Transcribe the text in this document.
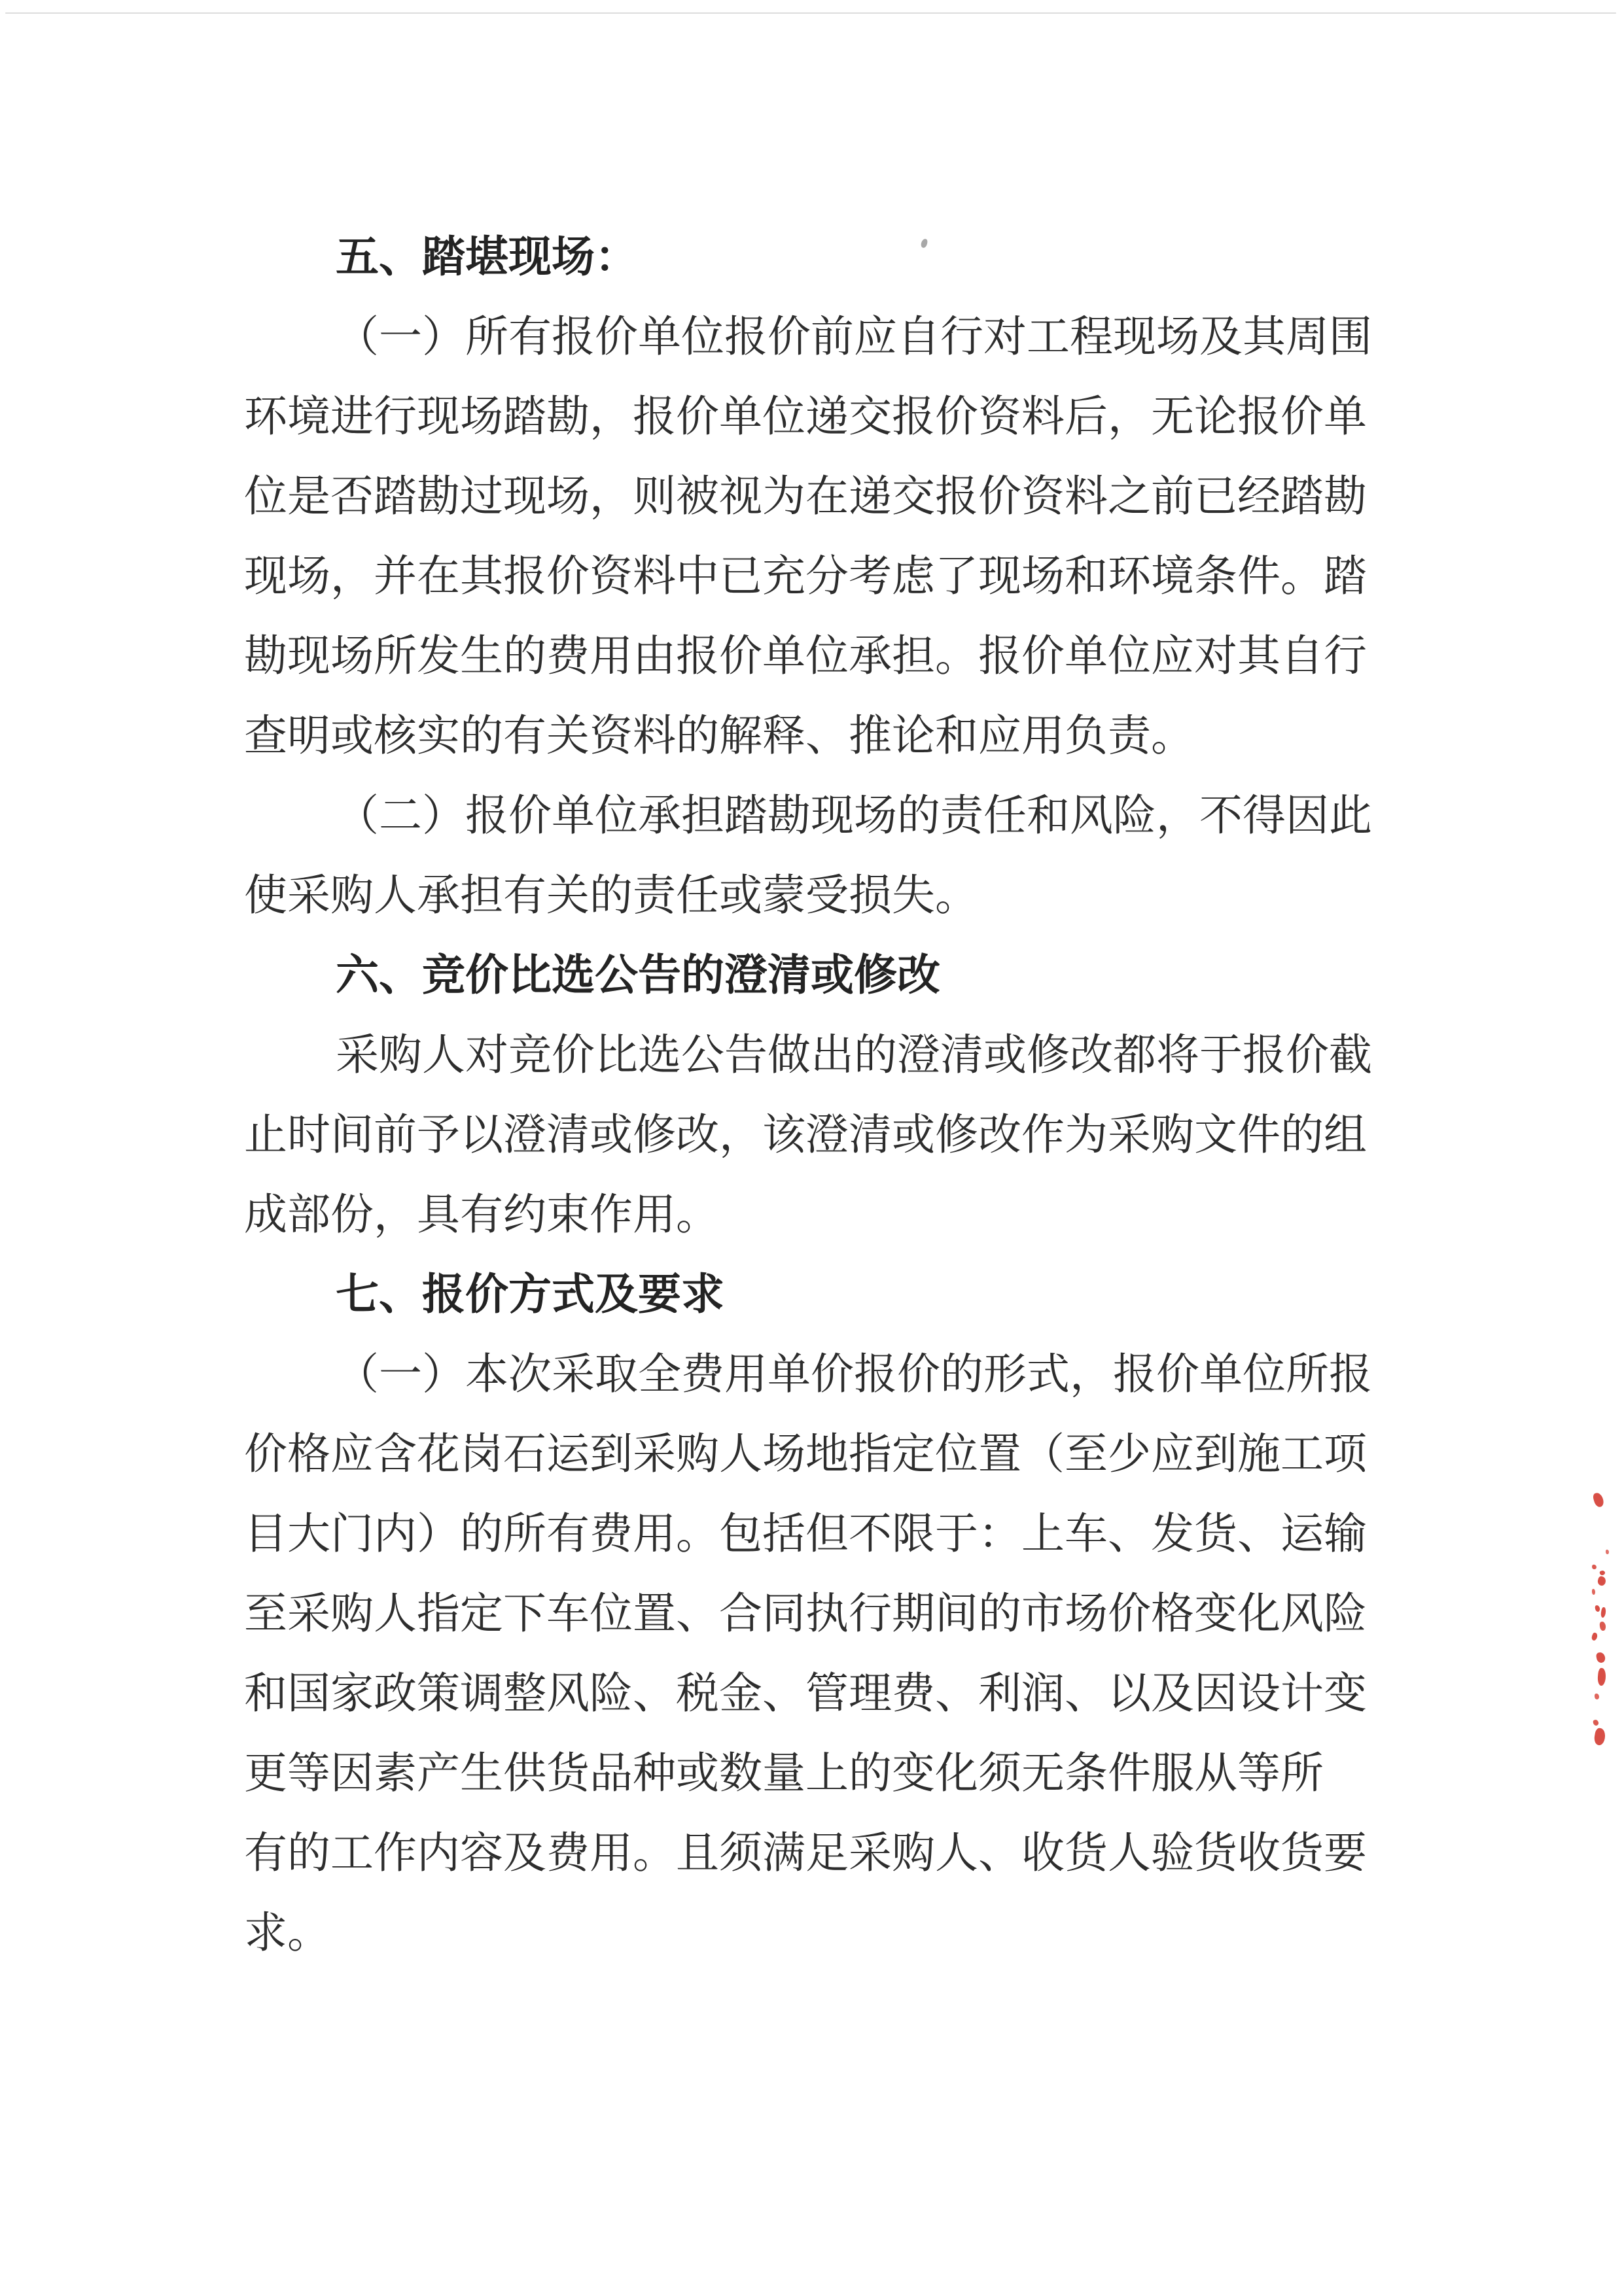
五、踏堪现场：
（一）所有报价单位报价前应自行对工程现场及其周围
环境进行现场踏勘，报价单位递交报价资料后，无论报价单
位是否踏勘过现场，则被视为在递交报价资料之前已经踏勘
现场，并在其报价资料中已充分考虑了现场和环境条件。踏
勘现场所发生的费用由报价单位承担。报价单位应对其自行
查明或核实的有关资料的解释、推论和应用负责。
（二）报价单位承担踏勘现场的责任和风险，不得因此
使采购人承担有关的责任或蒙受损失。
六、竞价比选公告的澄清或修改
采购人对竞价比选公告做出的澄清或修改都将于报价截
止时间前予以澄清或修改，该澄清或修改作为采购文件的组
成部份，具有约束作用。
七、报价方式及要求
（一）本次采取全费用单价报价的形式，报价单位所报
价格应含花岗石运到采购人场地指定位置（至少应到施工项
目大门内）的所有费用。包括但不限于：上车、发货、运输
至采购人指定下车位置、合同执行期间的市场价格变化风险
和国家政策调整风险、税金、管理费、利润、以及因设计变
更等因素产生供货品种或数量上的变化须无条件服从等所
有的工作内容及费用。且须满足采购人、收货人验货收货要
求。
